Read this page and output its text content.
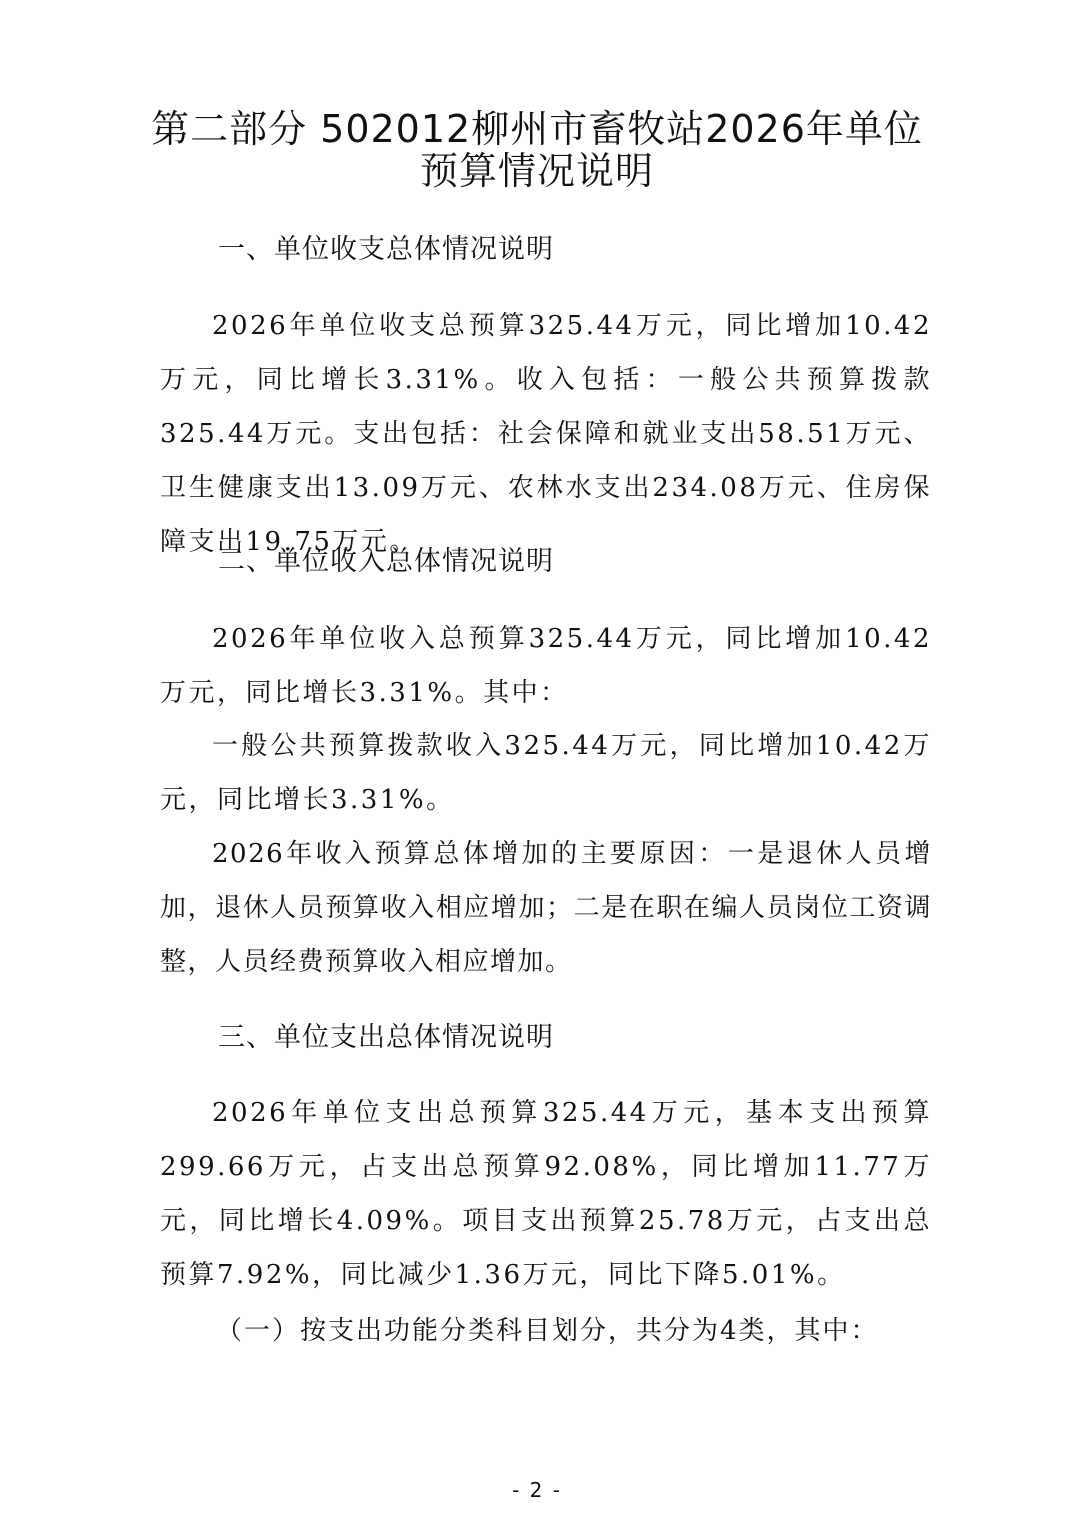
第二部分 502012柳州市畜牧站2026年单位
预算情况说明
一、单位收支总体情况说明
2026年单位收支总预算325.44万元，同比增加10.42万元，同比增长3.31%。收入包括：一般公共预算拨款325.44万元。支出包括：社会保障和就业支出58.51万元、卫生健康支出13.09万元、农林水支出234.08万元、住房保障支出19.75万元。
二、单位收入总体情况说明
2026年单位收入总预算325.44万元，同比增加10.42万元，同比增长3.31%。其中：
一般公共预算拨款收入325.44万元，同比增加10.42万元，同比增长3.31%。
2026年收入预算总体增加的主要原因：一是退休人员增加，退休人员预算收入相应增加；二是在职在编人员岗位工资调整，人员经费预算收入相应增加。
三、单位支出总体情况说明
2026年单位支出总预算325.44万元，基本支出预算299.66万元，占支出总预算92.08%，同比增加11.77万元，同比增长4.09%。项目支出预算25.78万元，占支出总预算7.92%，同比减少1.36万元，同比下降5.01%。
（一）按支出功能分类科目划分，共分为4类，其中：
- 2 -
